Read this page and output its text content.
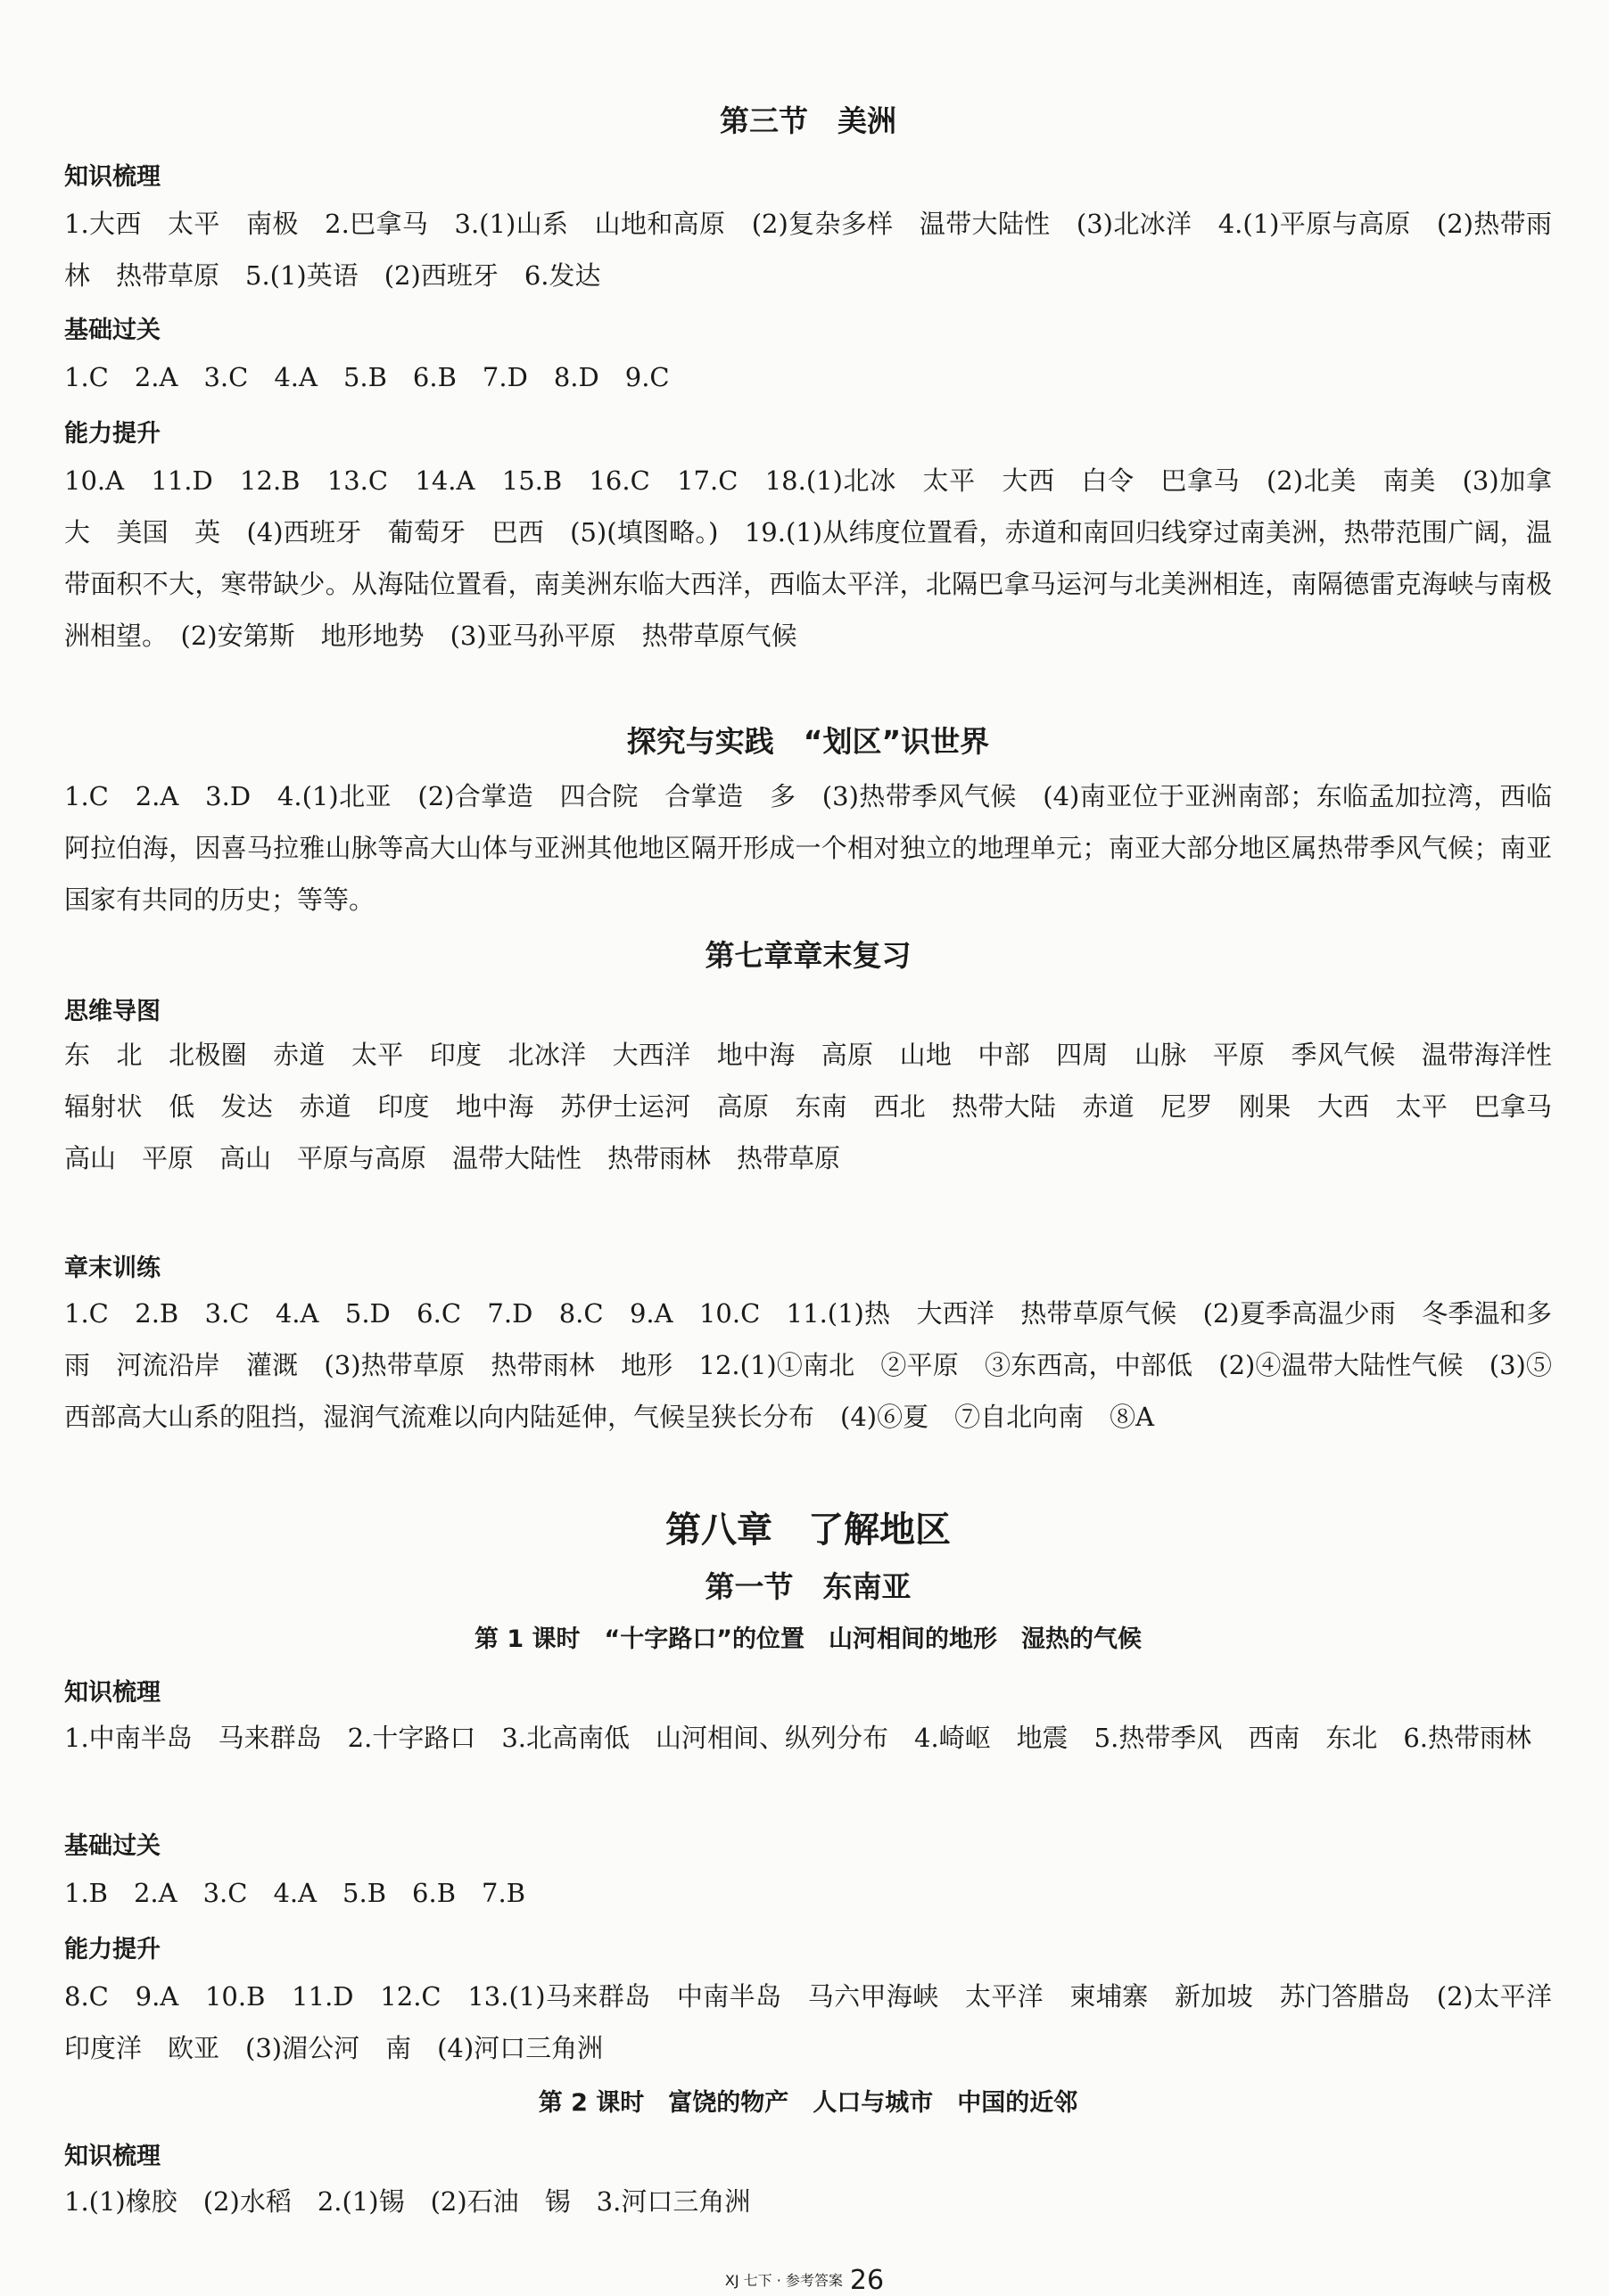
第三节　美洲
知识梳理

1.大西　太平　南极　2.巴拿马　3.(1)山系　山地和高原　(2)复杂多样　温带大陆性　(3)北冰洋　4.(1)平原与高原　(2)热带雨林　热带草原　5.(1)英语　(2)西班牙　6.发达

基础过关

1.C　2.A　3.C　4.A　5.B　6.B　7.D　8.D　9.C

能力提升

10.A　11.D　12.B　13.C　14.A　15.B　16.C　17.C　18.(1)北冰　太平　大西　白令　巴拿马　(2)北美　南美　(3)加拿大　美国　英　(4)西班牙　葡萄牙　巴西　(5)(填图略。)　19.(1)从纬度位置看，赤道和南回归线穿过南美洲，热带范围广阔，温带面积不大，寒带缺少。从海陆位置看，南美洲东临大西洋，西临太平洋，北隔巴拿马运河与北美洲相连，南隔德雷克海峡与南极洲相望。　(2)安第斯　地形地势　(3)亚马孙平原　热带草原气候

探究与实践　“划区”识世界

1.C　2.A　3.D　4.(1)北亚　(2)合掌造　四合院　合掌造　多　(3)热带季风气候　(4)南亚位于亚洲南部；东临孟加拉湾，西临阿拉伯海，因喜马拉雅山脉等高大山体与亚洲其他地区隔开形成一个相对独立的地理单元；南亚大部分地区属热带季风气候；南亚国家有共同的历史；等等。

第七章章末复习
思维导图

东　北　北极圈　赤道　太平　印度　北冰洋　大西洋　地中海　高原　山地　中部　四周　山脉　平原　季风气候　温带海洋性　辐射状　低　发达　赤道　印度　地中海　苏伊士运河　高原　东南　西北　热带大陆　赤道　尼罗　刚果　大西　太平　巴拿马　高山　平原　高山　平原与高原　温带大陆性　热带雨林　热带草原

章末训练

1.C　2.B　3.C　4.A　5.D　6.C　7.D　8.C　9.A　10.C　11.(1)热　大西洋　热带草原气候　(2)夏季高温少雨　冬季温和多雨　河流沿岸　灌溉　(3)热带草原　热带雨林　地形　12.(1)①南北　②平原　③东西高，中部低　(2)④温带大陆性气候　(3)⑤西部高大山系的阻挡，湿润气流难以向内陆延伸，气候呈狭长分布　(4)⑥夏　⑦自北向南　⑧A

第八章　了解地区
第一节　东南亚
第 1 课时　“十字路口”的位置　山河相间的地形　湿热的气候
知识梳理

1.中南半岛　马来群岛　2.十字路口　3.北高南低　山河相间、纵列分布　4.崎岖　地震　5.热带季风　西南　东北　6.热带雨林

基础过关

1.B　2.A　3.C　4.A　5.B　6.B　7.B

能力提升

8.C　9.A　10.B　11.D　12.C　13.(1)马来群岛　中南半岛　马六甲海峡　太平洋　柬埔寨　新加坡　苏门答腊岛　(2)太平洋　印度洋　欧亚　(3)湄公河　南　(4)河口三角洲

第 2 课时　富饶的物产　人口与城市　中国的近邻
知识梳理

1.(1)橡胶　(2)水稻　2.(1)锡　(2)石油　锡　3.河口三角洲

XJ 七下 · 参考答案 26
